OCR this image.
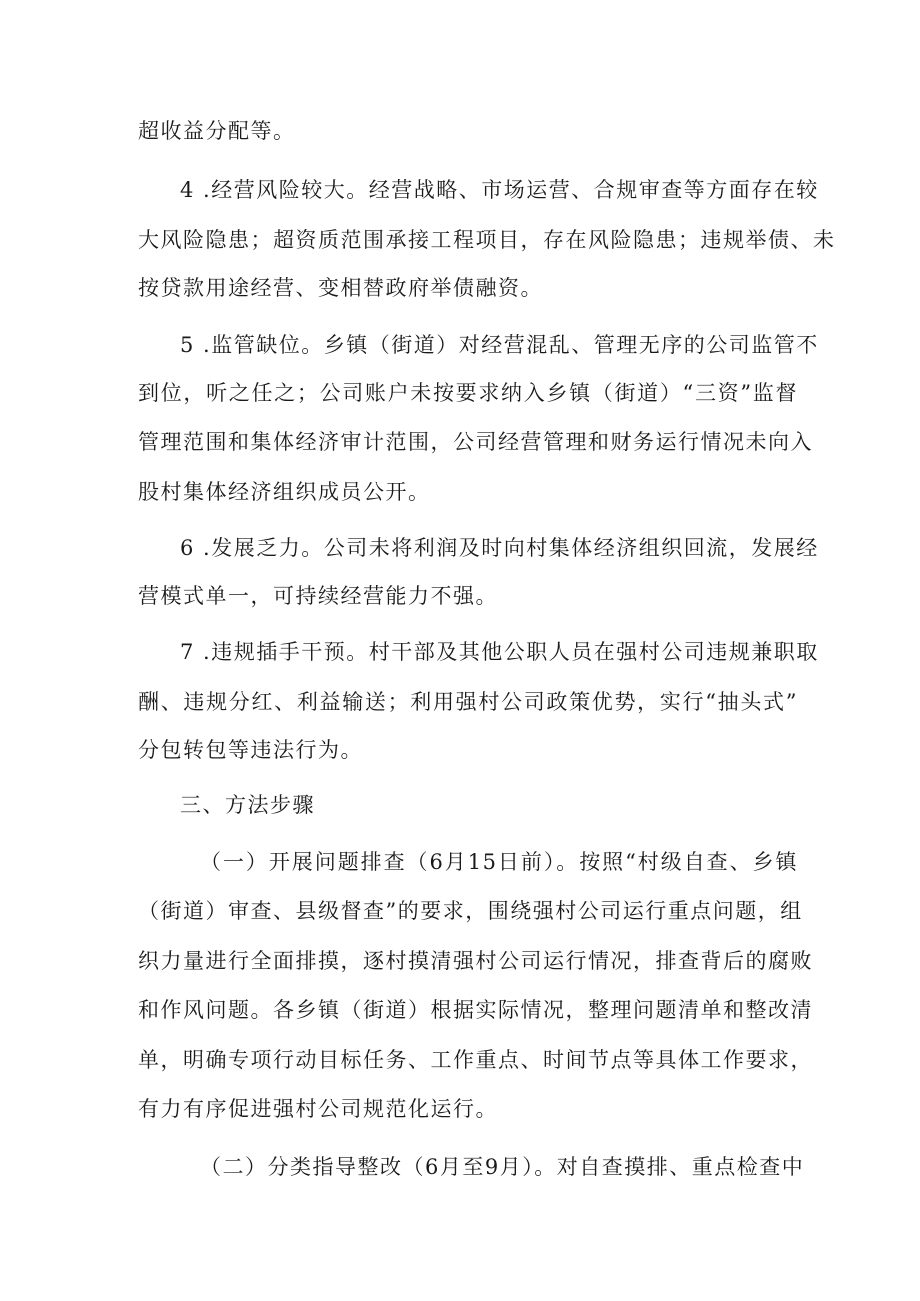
超收益分配等。
4 .经营风险较大。经营战略、市场运营、合规审查等方面存在较
大风险隐患；超资质范围承接工程项目，存在风险隐患；违规举债、未
按贷款用途经营、变相替政府举债融资。
5 .监管缺位。乡镇（街道）对经营混乱、管理无序的公司监管不
到位，听之任之；公司账户未按要求纳入乡镇（街道）“三资”监督
管理范围和集体经济审计范围，公司经营管理和财务运行情况未向入
股村集体经济组织成员公开。
6 .发展乏力。公司未将利润及时向村集体经济组织回流，发展经
营模式单一，可持续经营能力不强。
7 .违规插手干预。村干部及其他公职人员在强村公司违规兼职取
酬、违规分红、利益输送；利用强村公司政策优势，实行“抽头式”
分包转包等违法行为。
三、方法步骤
（一）开展问题排查（6月15日前）。按照“村级自查、乡镇
（街道）审查、县级督查”的要求，围绕强村公司运行重点问题，组
织力量进行全面排摸，逐村摸清强村公司运行情况，排查背后的腐败
和作风问题。各乡镇（街道）根据实际情况，整理问题清单和整改清
单，明确专项行动目标任务、工作重点、时间节点等具体工作要求，
有力有序促进强村公司规范化运行。
（二）分类指导整改（6月至9月）。对自查摸排、重点检查中
